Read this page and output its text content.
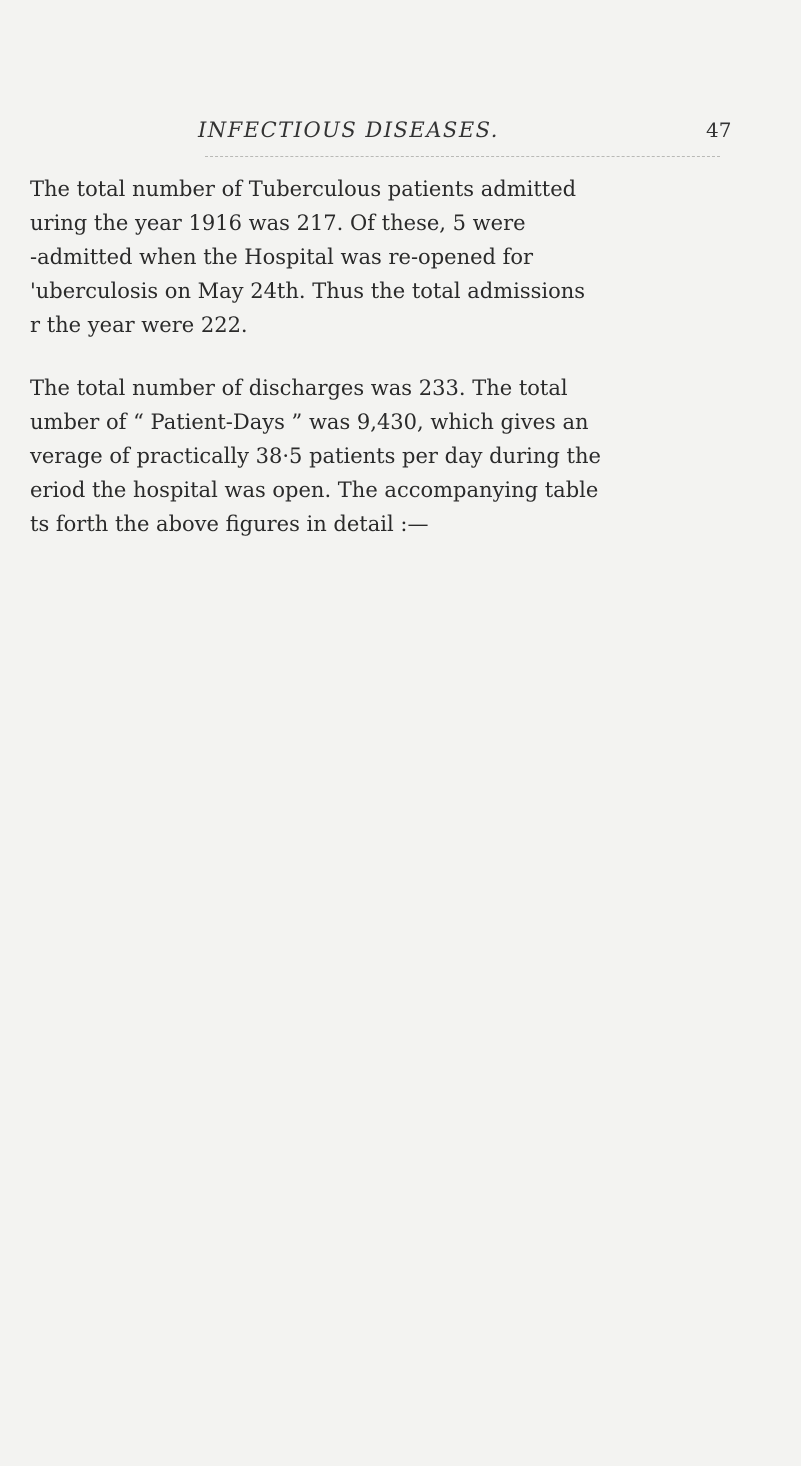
INFECTIOUS DISEASES.	47

The total number of Tuberculous patients admitted
uring the year 1916 was 217. Of these, 5 were
-admitted when the Hospital was re-opened for
'uberculosis on May 24th. Thus the total admissions
r the year were 222.

The total number of discharges was 233. The total
umber of “ Patient-Days ” was 9,430, which gives an
verage of practically 38·5 patients per day during the
eriod the hospital was open. The accompanying table
ts forth the above figures in detail :—
